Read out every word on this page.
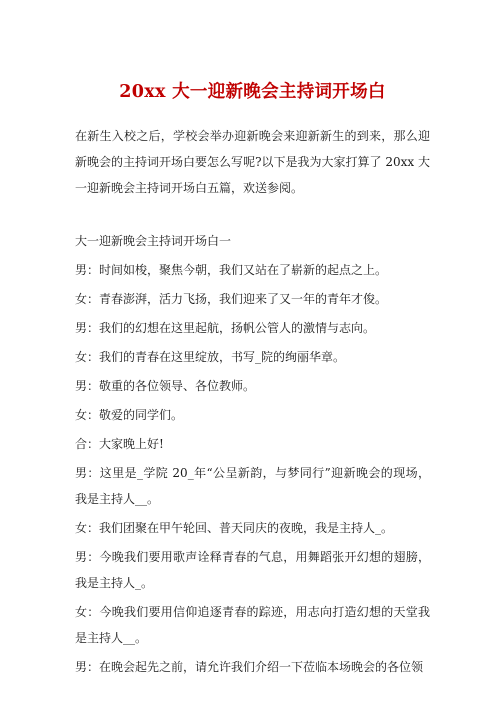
20xx 大一迎新晚会主持词开场白

在新生入校之后，学校会举办迎新晚会来迎新新生的到来，那么迎新晚会的主持词开场白要怎么写呢?以下是我为大家打算了 20xx 大一迎新晚会主持词开场白五篇，欢送参阅。

大一迎新晚会主持词开场白一

男：时间如梭，聚焦今朝，我们又站在了崭新的起点之上。
女：青春澎湃，活力飞扬，我们迎来了又一年的青年才俊。
男：我们的幻想在这里起航，扬帆公管人的激情与志向。
女：我们的青春在这里绽放，书写_院的绚丽华章。
男：敬重的各位领导、各位教师。
女：敬爱的同学们。
合：大家晚上好!
男：这里是_学院 20_年“公呈新韵，与梦同行”迎新晚会的现场，我是主持人__。
女：我们团聚在甲午轮回、普天同庆的夜晚，我是主持人_。
男：今晚我们要用歌声诠释青春的气息，用舞蹈张开幻想的翅膀，我是主持人_。
女：今晚我们要用信仰追逐青春的踪迹，用志向打造幻想的天堂我是主持人__。
男：在晚会起先之前，请允许我们介绍一下莅临本场晚会的各位领
